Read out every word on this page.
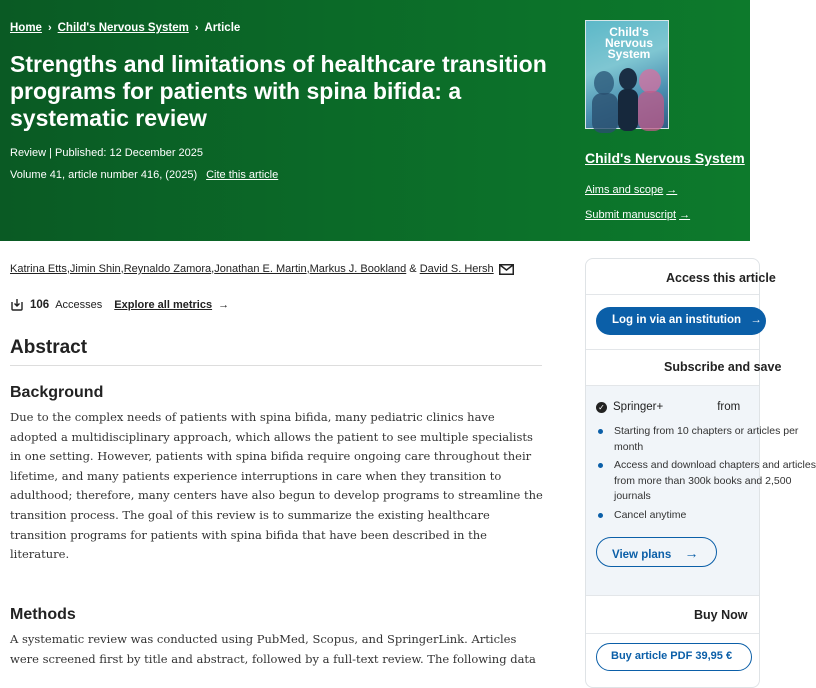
Home › Child's Nervous System › Article
Strengths and limitations of healthcare transition programs for patients with spina bifida: a systematic review
Review | Published: 12 December 2025
Volume 41, article number 416, (2025) Cite this article
Child's Nervous System
Child's Nervous System
Aims and scope →
Submit manuscript →
Katrina Etts , Jimin Shin , Reynaldo Zamora , Jonathan E. Martin , Markus J. Bookland & David S. Hersh
106 Accesses Explore all metrics →
Abstract
Background

Due to the complex needs of patients with spina bifida, many pediatric clinics have adopted a multidisciplinary approach, which allows the patient to see multiple specialists in one setting. However, patients with spina bifida require ongoing care throughout their lifetime, and many patients experience interruptions in care when they transition to adulthood; therefore, many centers have also begun to develop programs to streamline the transition process. The goal of this review is to summarize the existing healthcare transition programs for patients with spina bifida that have been described in the literature.

Methods

A systematic review was conducted using PubMed, Scopus, and SpringerLink. Articles were screened first by title and abstract, followed by a full-text review. The following data

Access this article
Log in via an institution →
Subscribe and save
✓ Springer+	from
Starting from 10 chapters or articles per
month
Access and download chapters and articles
from more than 300k books and 2,500
journals
Cancel anytime
View plans →
Buy Now
Buy article PDF 39,95 €
